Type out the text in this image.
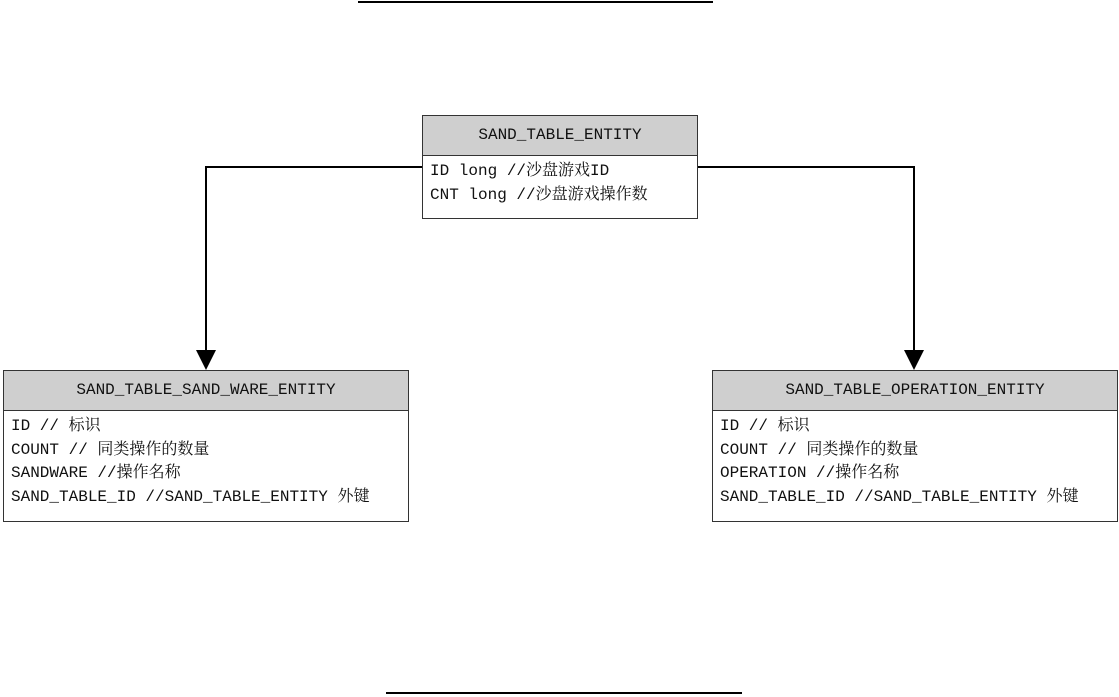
SAND_TABLE_ENTITY
ID long //沙盘游戏ID
CNT long //沙盘游戏操作数
SAND_TABLE_SAND_WARE_ENTITY
ID // 标识
COUNT // 同类操作的数量
SANDWARE //操作名称
SAND_TABLE_ID //SAND_TABLE_ENTITY 外键
SAND_TABLE_OPERATION_ENTITY
ID // 标识
COUNT // 同类操作的数量
OPERATION //操作名称
SAND_TABLE_ID //SAND_TABLE_ENTITY 外键
